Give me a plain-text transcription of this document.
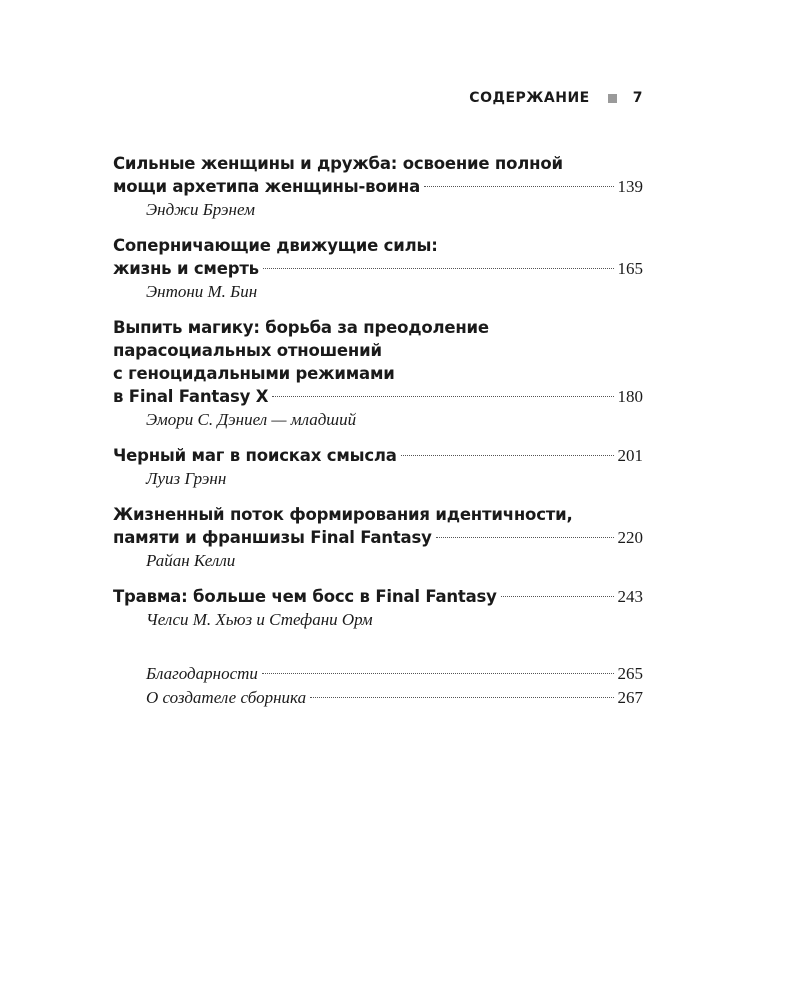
СОДЕРЖАНИЕ	7
Сильные женщины и дружба: освоение полной
мощи архетипа женщины-воина	139
Энджи Брэнем
Соперничающие движущие силы:
жизнь и смерть	165
Энтони М. Бин
Выпить магику: борьба за преодоление
парасоциальных отношений
с геноцидальными режимами
в Final Fantasy X	180
Эмори С. Дэниел — младший
Черный маг в поисках смысла	201
Луиз Грэнн
Жизненный поток формирования идентичности,
памяти и франшизы Final Fantasy	220
Райан Келли
Травма: больше чем босс в Final Fantasy	243
Челси М. Хьюз и Стефани Орм
Благодарности	265
О создателе сборника	267
